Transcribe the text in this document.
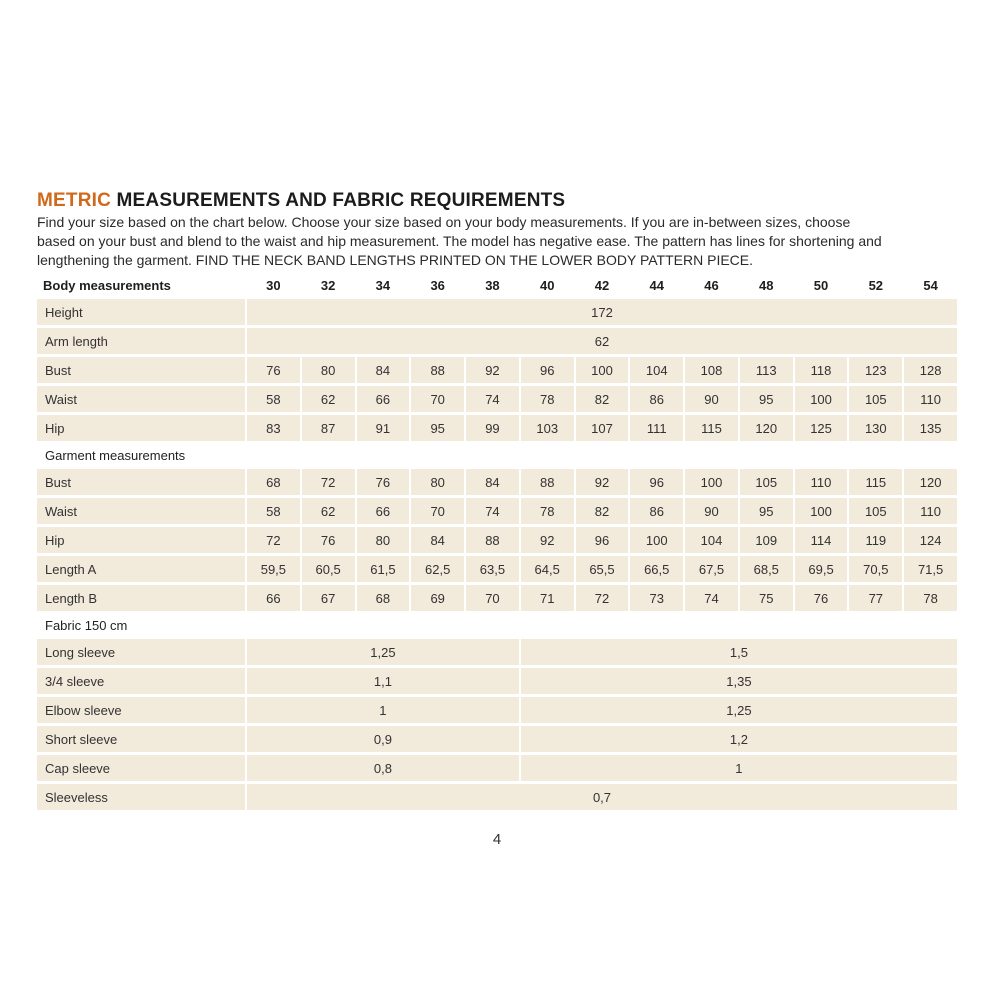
METRIC MEASUREMENTS AND FABRIC REQUIREMENTS

Find your size based on the chart below. Choose your size based on your body measurements. If you are in-between sizes, choose

based on your bust and blend to the waist and hip measurement. The model has negative ease. The pattern has lines for shortening and

lengthening the garment. FIND THE NECK BAND LENGTHS PRINTED ON THE LOWER BODY PATTERN PIECE.

Body measurements	30	32	34	36	38	40	42	44	46	48	50	52	54
Height	172												
Arm length	62												
Bust	76	80	84	88	92	96	100	104	108	113	118	123	128
Waist	58	62	66	70	74	78	82	86	90	95	100	105	110
Hip	83	87	91	95	99	103	107	111	115	120	125	130	135
Garment measurements													
Bust	68	72	76	80	84	88	92	96	100	105	110	115	120
Waist	58	62	66	70	74	78	82	86	90	95	100	105	110
Hip	72	76	80	84	88	92	96	100	104	109	114	119	124
Length A	59,5	60,5	61,5	62,5	63,5	64,5	65,5	66,5	67,5	68,5	69,5	70,5	71,5
Length B	66	67	68	69	70	71	72	73	74	75	76	77	78
Fabric 150 cm													
Long sleeve	1,25					1,5							
3/4 sleeve	1,1					1,35							
Elbow sleeve	1					1,25							
Short sleeve	0,9					1,2							
Cap sleeve	0,8					1							
Sleeveless	0,7												
4
